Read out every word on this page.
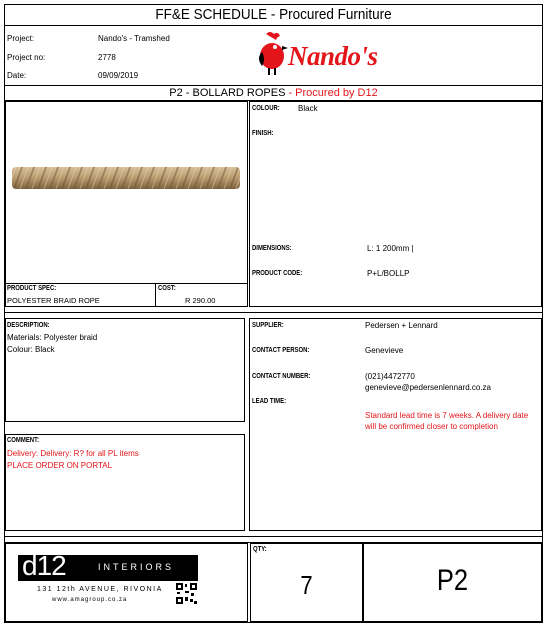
FF&E SCHEDULE - Procured Furniture
Project:	Nando's - Tramshed
Project no:	2778
Date:	09/09/2019
Nando's
P2 - BOLLARD ROPES - Procured by D12
PRODUCT SPEC:
POLYESTER BRAID ROPE
COST:
R 290.00
COLOUR: Black
FINISH:
DIMENSIONS:	L: 1 200mm |
PRODUCT CODE:	P+L/BOLLP
DESCRIPTION:
Materials: Polyester braid
Colour: Black
COMMENT:
Delivery: Delivery: R? for all PL items
PLACE ORDER ON PORTAL
SUPPLIER:	Pedersen + Lennard
CONTACT PERSON:	Genevieve
CONTACT NUMBER:	(021)4472770
genevieve@pedersenlennard.co.za
LEAD TIME:
Standard lead time is 7 weeks. A delivery date
will be confirmed closer to completion
d12	INTERIORS
131 12th AVENUE, RIVONIA
www.amagroup.co.za
QTY:
7	P2
